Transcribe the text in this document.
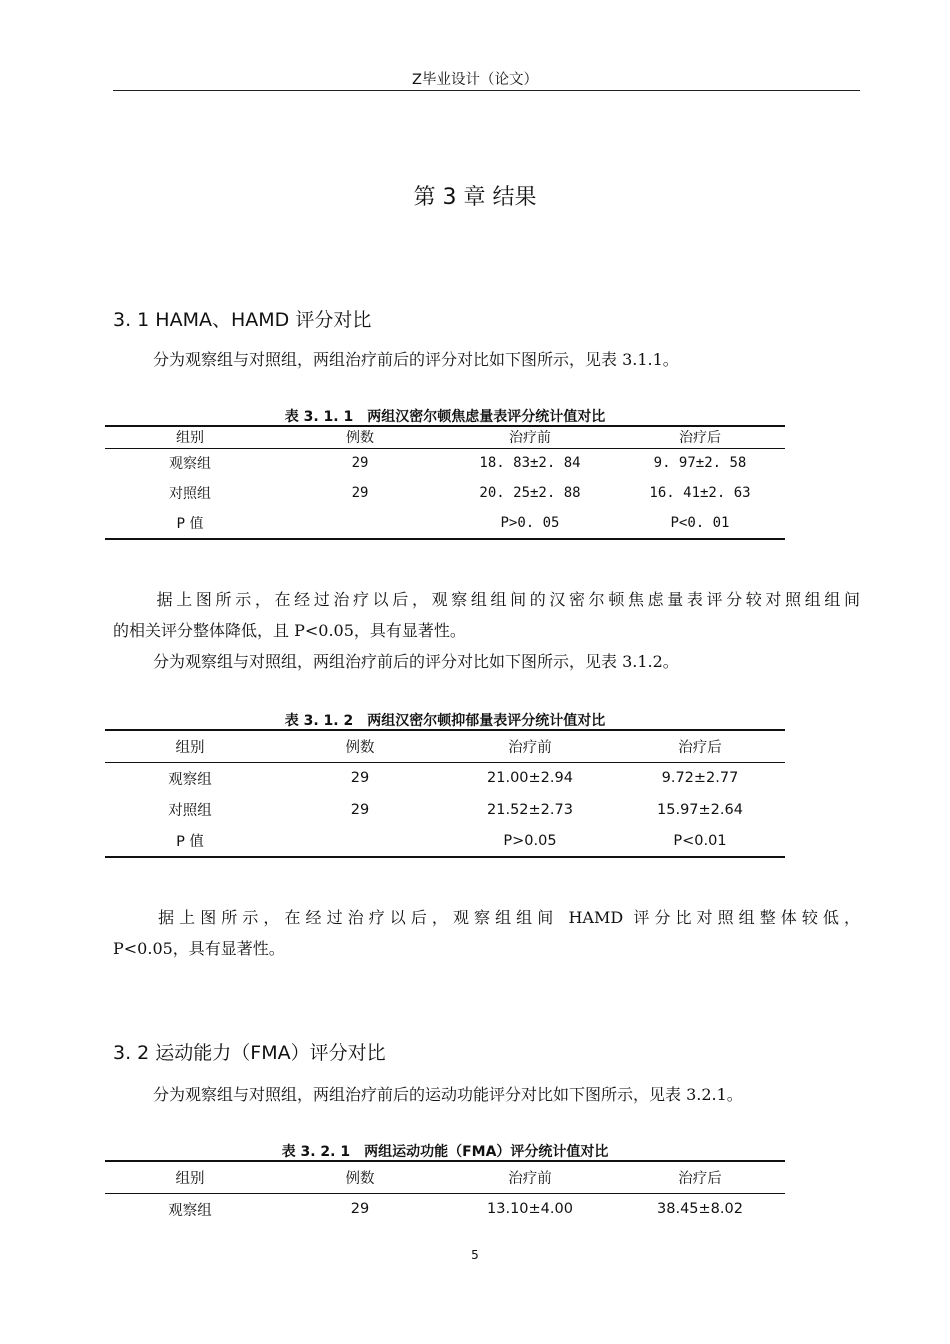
Z毕业设计（论文）
第 3 章 结果
3. 1 HAMA、HAMD 评分对比
分为观察组与对照组，两组治疗前后的评分对比如下图所示，见表 3.1.1。
表 3. 1. 1　两组汉密尔顿焦虑量表评分统计值对比
组别	例数	治疗前	治疗后
观察组	29	18. 83±2. 84	9. 97±2. 58
对照组	29	20. 25±2. 88	16. 41±2. 63
P 值		P>0. 05	P<0. 01
据上图所示，在经过治疗以后，观察组组间的汉密尔顿焦虑量表评分较对照组组间
的相关评分整体降低，且 P<0.05，具有显著性。
分为观察组与对照组，两组治疗前后的评分对比如下图所示，见表 3.1.2。
表 3. 1. 2　两组汉密尔顿抑郁量表评分统计值对比
组别	例数	治疗前	治疗后
观察组	29	21.00±2.94	9.72±2.77
对照组	29	21.52±2.73	15.97±2.64
P 值		P>0.05	P<0.01
据上图所示，在经过治疗以后，观察组组间 HAMD 评分比对照组整体较低，
P<0.05，具有显著性。
3. 2 运动能力（FMA）评分对比
分为观察组与对照组，两组治疗前后的运动功能评分对比如下图所示，见表 3.2.1。
表 3. 2. 1　两组运动功能（FMA）评分统计值对比
组别	例数	治疗前	治疗后
观察组	29	13.10±4.00	38.45±8.02
5
